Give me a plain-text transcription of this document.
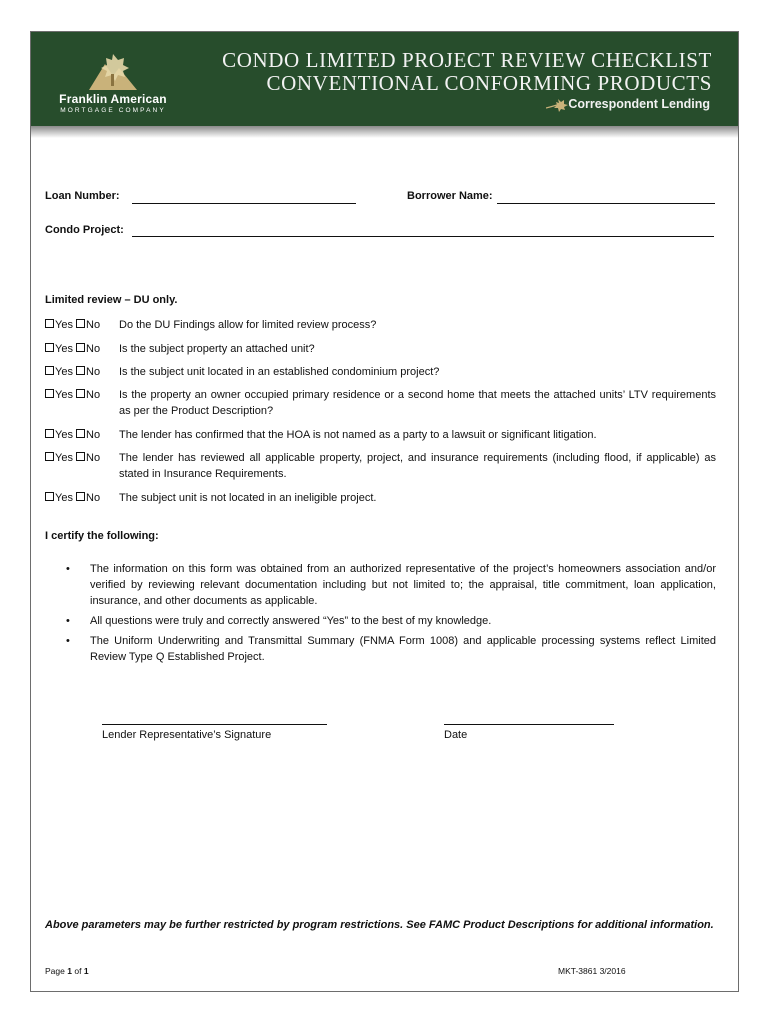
Franklin American
MORTGAGE COMPANY
CONDO LIMITED PROJECT REVIEW CHECKLIST
CONVENTIONAL CONFORMING PRODUCTS
Correspondent Lending
Loan Number:	Borrower Name:
Condo Project:
Limited review – DU only.
Yes No Do the DU Findings allow for limited review process?
Yes No Is the subject property an attached unit?
Yes No Is the subject unit located in an established condominium project?
Yes No Is the property an owner occupied primary residence or a second home that meets the attached units’ LTV requirements as per the Product Description?
Yes No The lender has confirmed that the HOA is not named as a party to a lawsuit or significant litigation.
Yes No The lender has reviewed all applicable property, project, and insurance requirements (including flood, if applicable) as stated in Insurance Requirements.
Yes No The subject unit is not located in an ineligible project.
I certify the following:
• The information on this form was obtained from an authorized representative of the project’s homeowners association and/or verified by reviewing relevant documentation including but not limited to; the appraisal, title commitment, loan application, insurance, and other documents as applicable.
• All questions were truly and correctly answered “Yes” to the best of my knowledge.
• The Uniform Underwriting and Transmittal Summary (FNMA Form 1008) and applicable processing systems reflect Limited Review Type Q Established Project.
Lender Representative’s Signature	Date
Above parameters may be further restricted by program restrictions. See FAMC Product Descriptions for additional information.
Page 1 of 1	MKT-3861 3/2016
